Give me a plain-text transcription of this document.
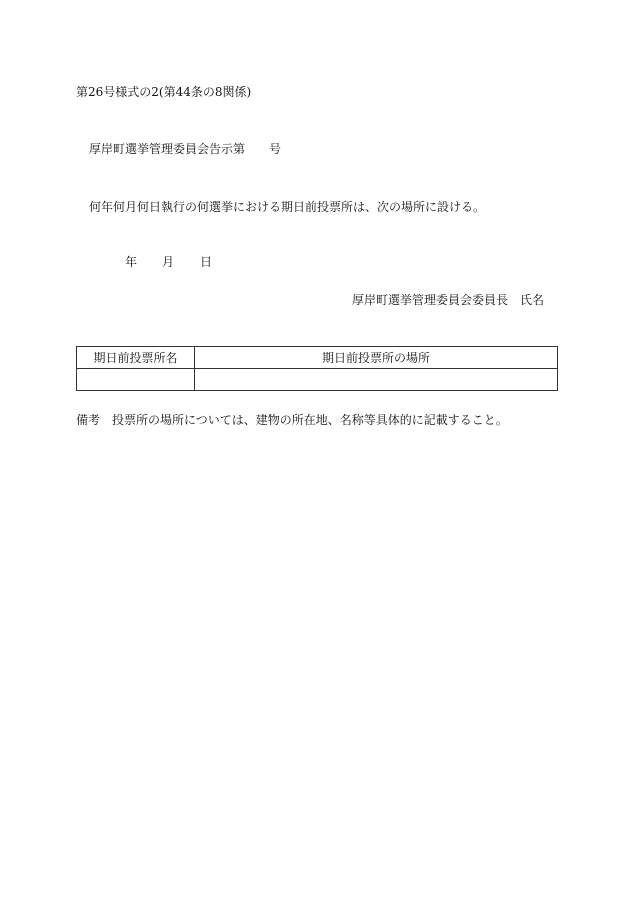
第26号様式の2(第44条の8関係)
厚岸町選挙管理委員会告示第　　号
何年何月何日執行の何選挙における期日前投票所は、次の場所に設ける。
年 月 日
厚岸町選挙管理委員会委員長　氏名
期日前投票所名	期日前投票所の場所

備考　投票所の場所については、建物の所在地、名称等具体的に記載すること。
